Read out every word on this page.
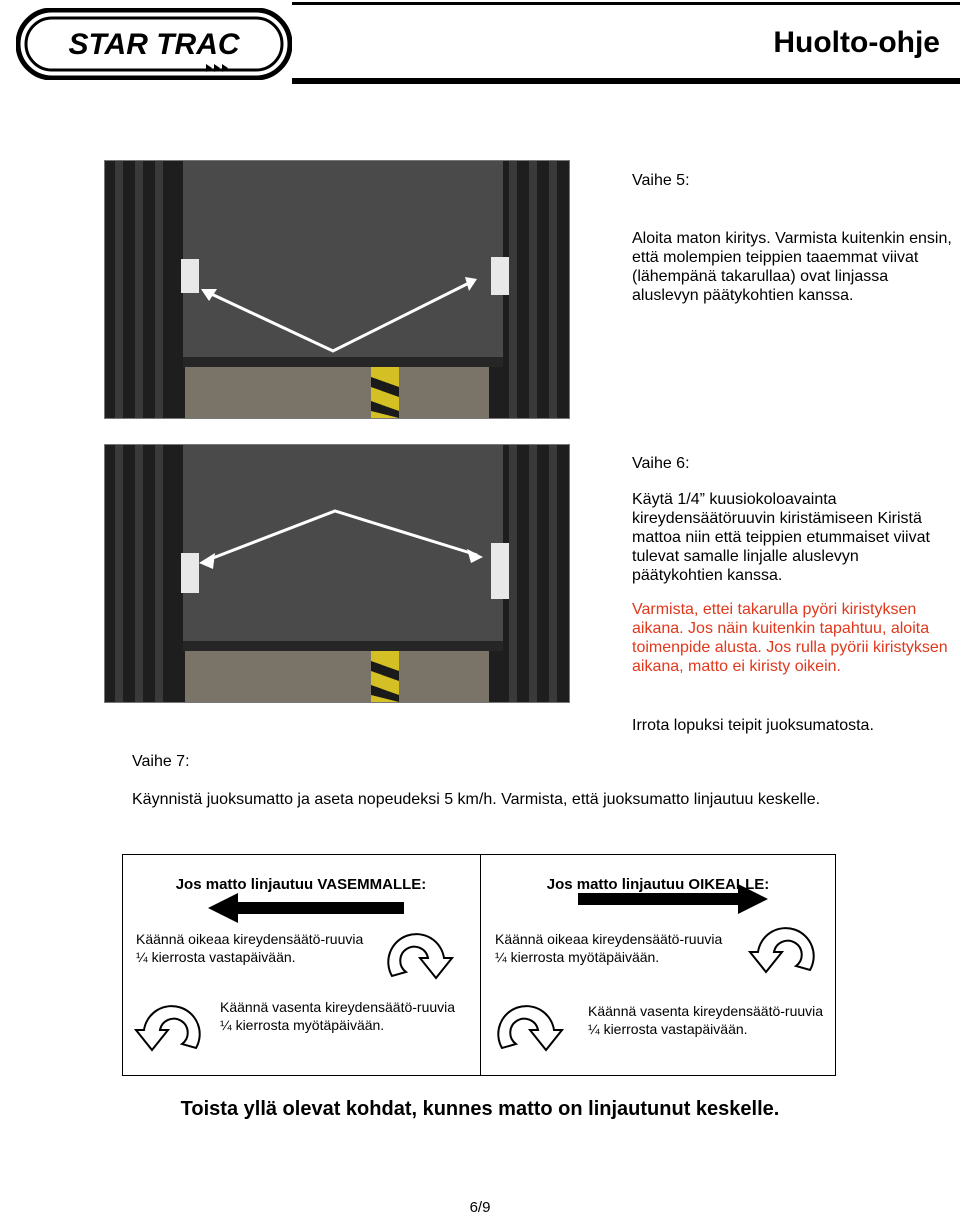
STAR TRAC	Huolto-ohje
Vaihe 5:
Aloita maton kiritys. Varmista kuitenkin ensin, että molempien teippien taaemmat viivat (lähempänä takarullaa) ovat linjassa aluslevyn päätykohtien kanssa.
Vaihe 6:
Käytä 1/4” kuusiokoloavainta kireydensäätöruuvin kiristämiseen Kiristä mattoa niin että teippien etummaiset viivat tulevat samalle linjalle aluslevyn päätykohtien kanssa.
Varmista, ettei takarulla pyöri kiristyksen aikana. Jos näin kuitenkin tapahtuu, aloita toimenpide alusta. Jos rulla pyörii kiristyksen aikana, matto ei kiristy oikein.
Irrota lopuksi teipit juoksumatosta.
Vaihe 7:
Käynnistä juoksumatto ja aseta nopeudeksi 5 km/h. Varmista, että juoksumatto linjautuu keskelle.
Jos matto linjautuu VASEMMALLE:	Jos matto linjautuu OIKEALLE:
Käännä oikeaa kireydensäätö-ruuvia ¼ kierrosta vastapäivään.
Käännä vasenta kireydensäätö-ruuvia ¼ kierrosta myötäpäivään.
Käännä oikeaa kireydensäätö-ruuvia ¼ kierrosta myötäpäivään.
Käännä vasenta kireydensäätö-ruuvia ¼ kierrosta vastapäivään.
Toista yllä olevat kohdat, kunnes matto on linjautunut keskelle.
6/9
